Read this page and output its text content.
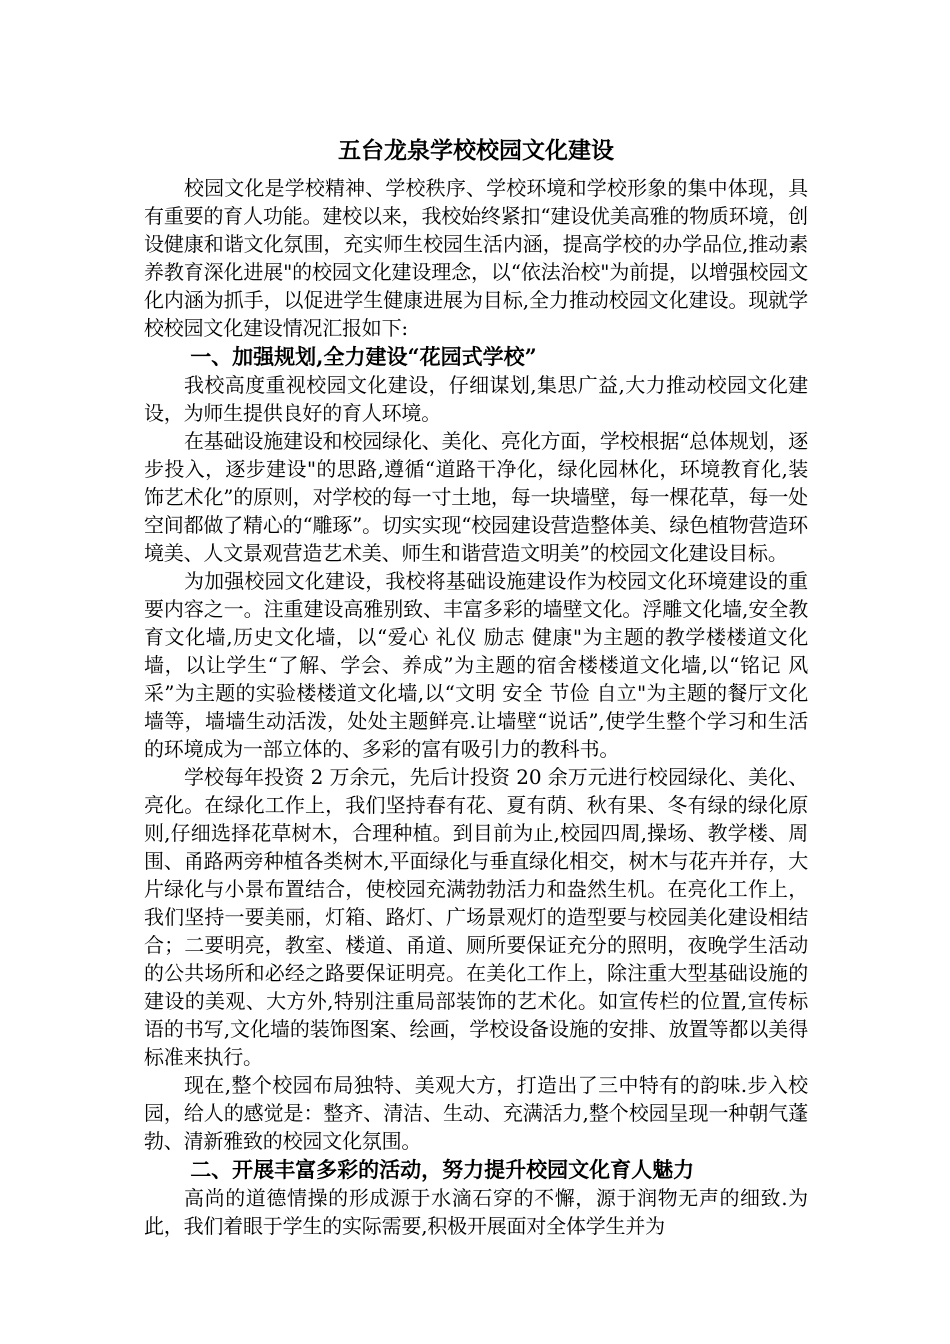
五台龙泉学校校园文化建设

校园文化是学校精神、学校秩序、学校环境和学校形象的集中体现，具有重要的育人功能。建校以来，我校始终紧扣“建设优美高雅的物质环境，创设健康和谐文化氛围，充实师生校园生活内涵，提高学校的办学品位,推动素养教育深化进展"的校园文化建设理念，以“依法治校"为前提，以增强校园文化内涵为抓手，以促进学生健康进展为目标,全力推动校园文化建设。现就学校校园文化建设情况汇报如下:

一、加强规划,全力建设“花园式学校”

我校高度重视校园文化建设，仔细谋划,集思广益,大力推动校园文化建设，为师生提供良好的育人环境。

在基础设施建设和校园绿化、美化、亮化方面，学校根据“总体规划，逐步投入，逐步建设"的思路,遵循“道路干净化，绿化园林化，环境教育化,装饰艺术化”的原则，对学校的每一寸土地，每一块墙壁，每一棵花草，每一处空间都做了精心的“雕琢”。切实实现“校园建设营造整体美、绿色植物营造环境美、人文景观营造艺术美、师生和谐营造文明美”的校园文化建设目标。

为加强校园文化建设，我校将基础设施建设作为校园文化环境建设的重要内容之一。注重建设高雅别致、丰富多彩的墙壁文化。浮雕文化墙,安全教育文化墙,历史文化墙，以“爱心 礼仪 励志 健康"为主题的教学楼楼道文化墙，以让学生“了解、学会、养成”为主题的宿舍楼楼道文化墙,以“铭记 风采”为主题的实验楼楼道文化墙,以“文明 安全 节俭 自立"为主题的餐厅文化墙等，墙墙生动活泼，处处主题鲜亮.让墙壁“说话”,使学生整个学习和生活的环境成为一部立体的、多彩的富有吸引力的教科书。

学校每年投资 2 万余元，先后计投资 20 余万元进行校园绿化、美化、亮化。在绿化工作上，我们坚持春有花、夏有荫、秋有果、冬有绿的绿化原则,仔细选择花草树木，合理种植。到目前为止,校园四周,操场、教学楼、周围、甬路两旁种植各类树木,平面绿化与垂直绿化相交，树木与花卉并存，大片绿化与小景布置结合，使校园充满勃勃活力和盎然生机。在亮化工作上，我们坚持一要美丽，灯箱、路灯、广场景观灯的造型要与校园美化建设相结合；二要明亮，教室、楼道、甬道、厕所要保证充分的照明，夜晚学生活动的公共场所和必经之路要保证明亮。在美化工作上，除注重大型基础设施的建设的美观、大方外,特别注重局部装饰的艺术化。如宣传栏的位置,宣传标语的书写,文化墙的装饰图案、绘画，学校设备设施的安排、放置等都以美得标准来执行。

现在,整个校园布局独特、美观大方，打造出了三中特有的韵味.步入校园，给人的感觉是：整齐、清洁、生动、充满活力,整个校园呈现一种朝气蓬勃、清新雅致的校园文化氛围。

二、开展丰富多彩的活动，努力提升校园文化育人魅力

高尚的道德情操的形成源于水滴石穿的不懈，源于润物无声的细致.为此，我们着眼于学生的实际需要,积极开展面对全体学生并为
